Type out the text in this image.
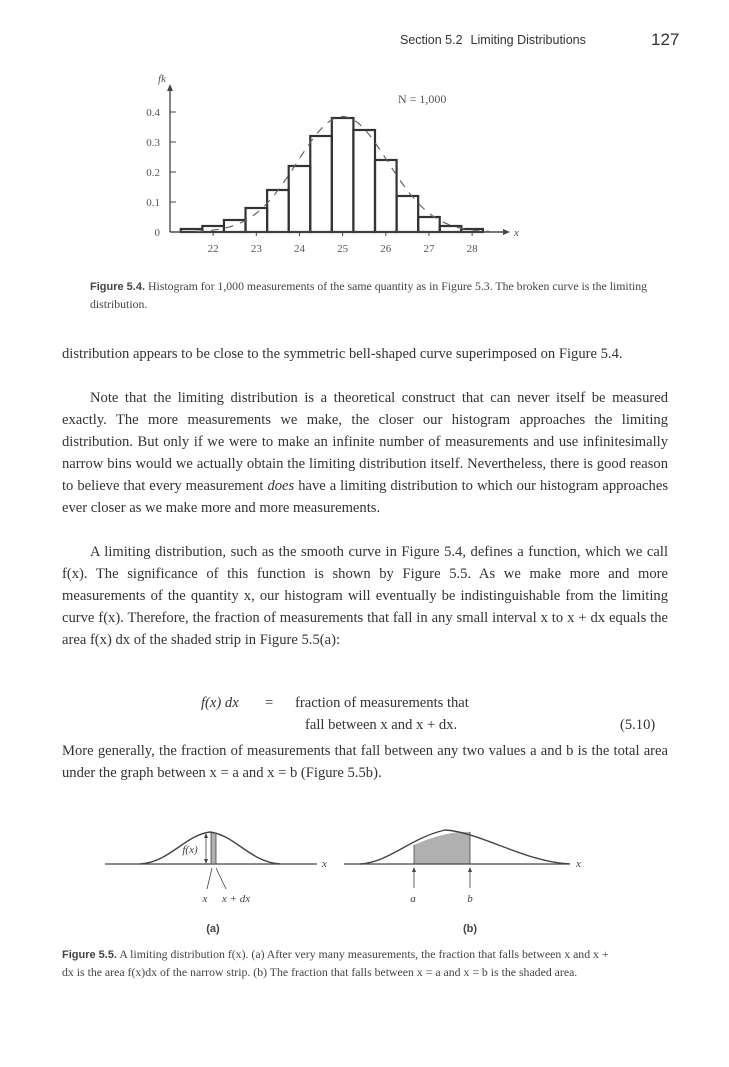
Section 5.2 Limiting Distributions	127
0
0.1
0.2
0.3
0.4
22	23	24	25	26	27	28
fk
x
N = 1,000
Figure 5.4. Histogram for 1,000 measurements of the same quantity as in Figure 5.3. The broken curve is the limiting distribution.
distribution appears to be close to the symmetric bell-shaped curve superimposed on Figure 5.4.
Note that the limiting distribution is a theoretical construct that can never itself be measured exactly. The more measurements we make, the closer our histogram approaches the limiting distribution. But only if we were to make an infinite number of measurements and use infinitesimally narrow bins would we actually obtain the limiting distribution itself. Nevertheless, there is good reason to believe that every measurement does have a limiting distribution to which our histogram approaches ever closer as we make more and more measurements.
A limiting distribution, such as the smooth curve in Figure 5.4, defines a function, which we call f(x). The significance of this function is shown by Figure 5.5. As we make more and more measurements of the quantity x, our histogram will eventually be indistinguishable from the limiting curve f(x). Therefore, the fraction of measurements that fall in any small interval x to x + dx equals the area f(x) dx of the shaded strip in Figure 5.5(a):
f(x) dx = fraction of measurements that
fall between x and x + dx.	(5.10)
More generally, the fraction of measurements that fall between any two values a and b is the total area under the graph between x = a and x = b (Figure 5.5b).
f(x)
x x + dx
x
(a)
a	b
x
(b)
Figure 5.5. A limiting distribution f(x). (a) After very many measurements, the fraction that falls between x and x + dx is the area f(x)dx of the narrow strip. (b) The fraction that falls between x = a and x = b is the shaded area.
